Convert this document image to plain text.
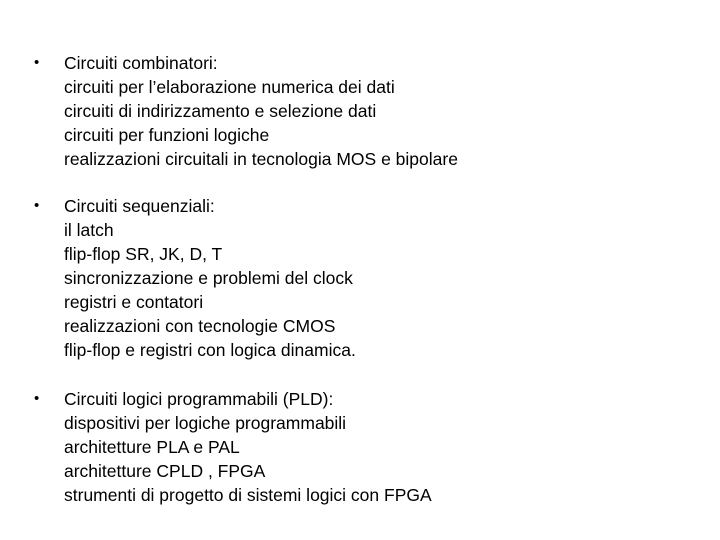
•	Circuiti combinatori:
circuiti per l’elaborazione numerica dei dati
circuiti di indirizzamento e selezione dati
circuiti per funzioni logiche
realizzazioni circuitali in tecnologia MOS e bipolare
•	Circuiti sequenziali:
il latch
flip-flop SR, JK, D, T
sincronizzazione e problemi del clock
registri e contatori
realizzazioni con tecnologie CMOS
flip-flop e registri con logica dinamica.
•	Circuiti logici programmabili (PLD):
dispositivi per logiche programmabili
architetture PLA e PAL
architetture CPLD , FPGA
strumenti di progetto di sistemi logici con FPGA
